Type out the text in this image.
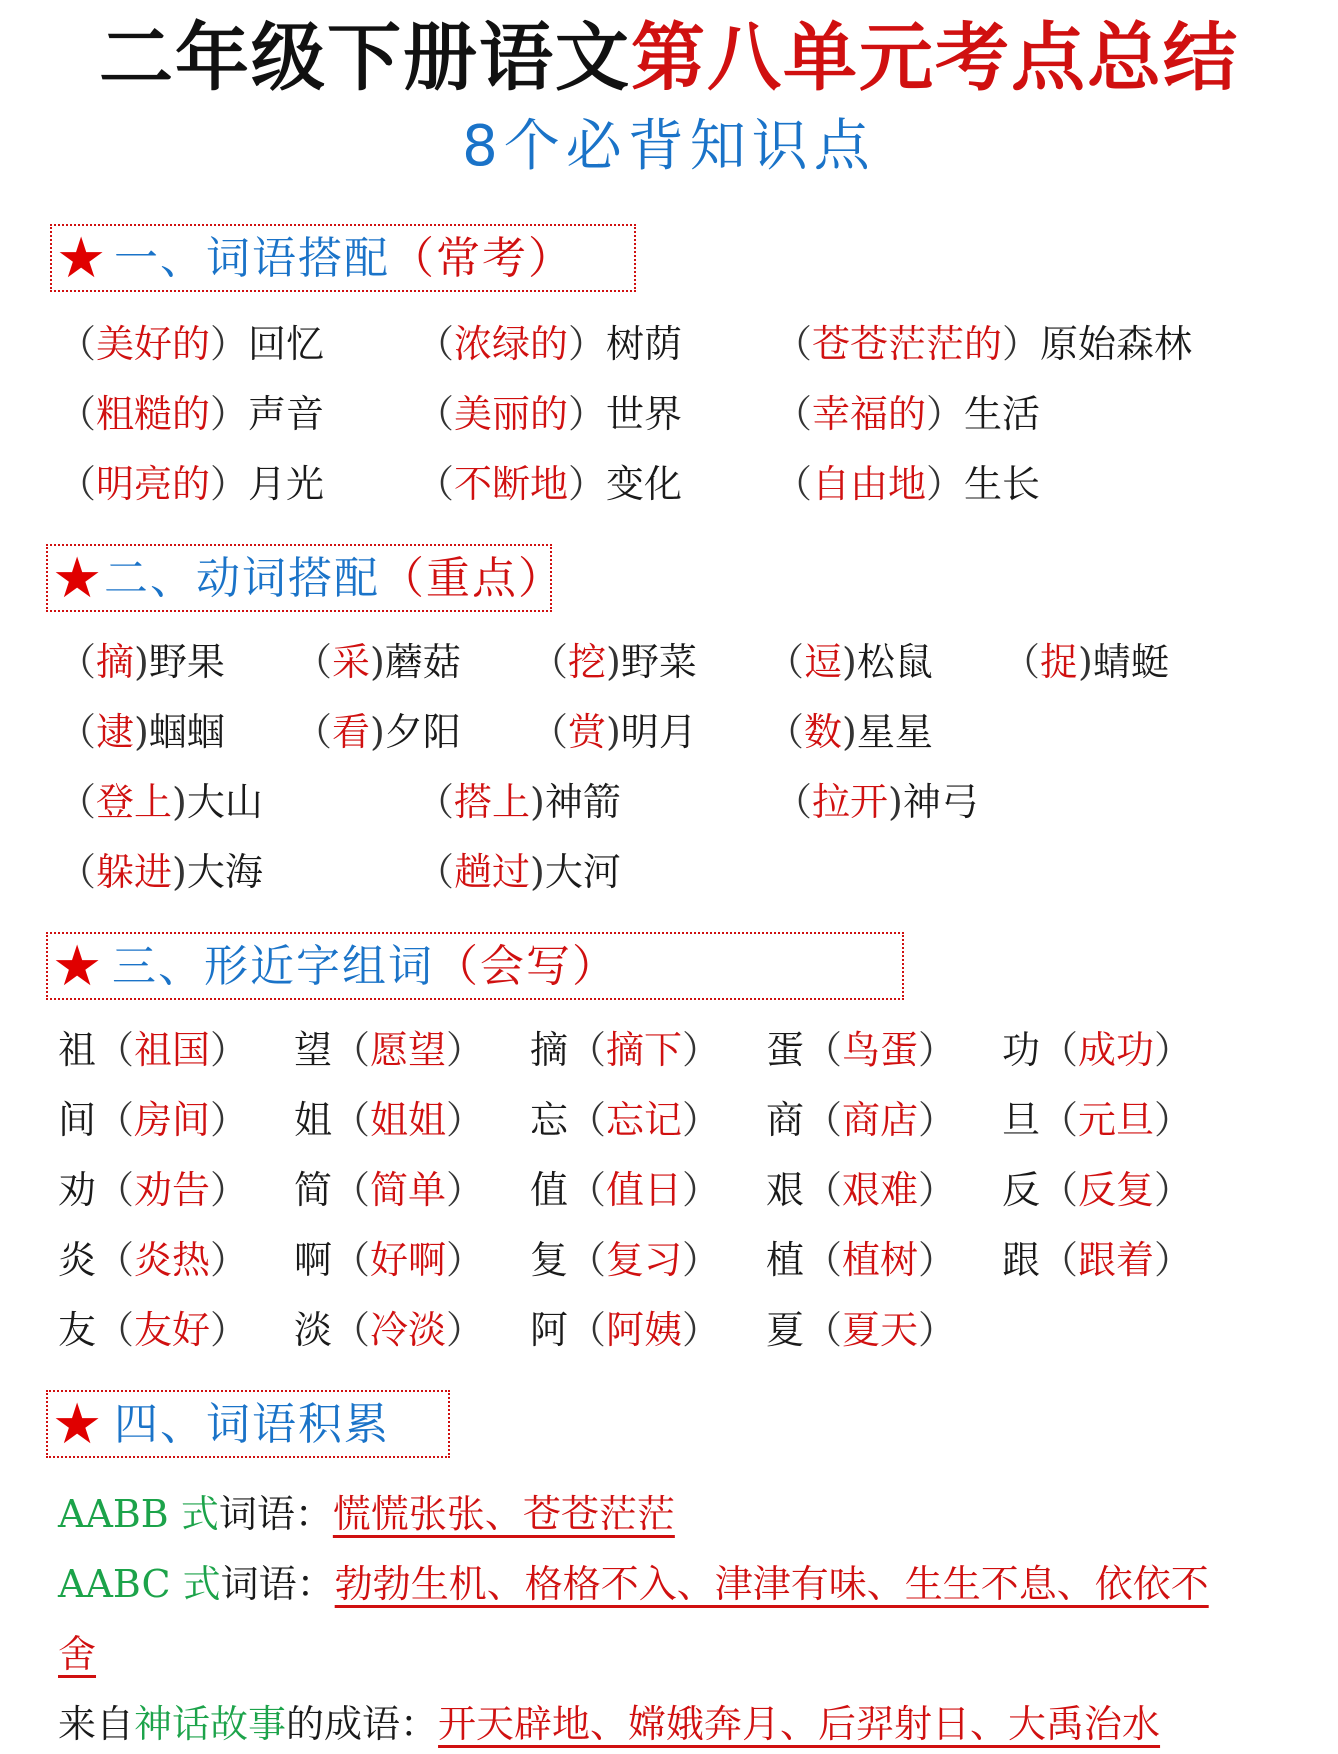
二年级下册语文第八单元考点总结
8个必背知识点
★ 一、词语搭配（常考）
（美好的）回忆 （浓绿的）树荫 （苍苍茫茫的）原始森林
（粗糙的）声音 （美丽的）世界 （幸福的）生活
（明亮的）月光 （不断地）变化 （自由地）生长
★ 二、动词搭配（重点）
（摘)野果 （采)蘑菇 （挖)野菜 （逗)松鼠 （捉)蜻蜓
（逮)蝈蝈 （看)夕阳 （赏)明月 （数)星星
（登上)大山	（搭上)神箭	（拉开)神弓
（躲进)大海	（趟过)大河
★ 三、形近字组词（会写）
祖（祖国） 望（愿望） 摘（摘下） 蛋（鸟蛋） 功（成功）
间（房间） 姐（姐姐） 忘（忘记） 商（商店） 旦（元旦）
劝（劝告） 简（简单） 值（值日） 艰（艰难） 反（反复）
炎（炎热） 啊（好啊） 复（复习） 植（植树） 跟（跟着）
友（友好） 淡（冷淡） 阿（阿姨） 夏（夏天）
★ 四、词语积累
AABB 式词语：慌慌张张、苍苍茫茫
AABC 式词语：勃勃生机、格格不入、津津有味、生生不息、依依不
舍
来自神话故事的成语：开天辟地、嫦娥奔月、后羿射日、大禹治水
